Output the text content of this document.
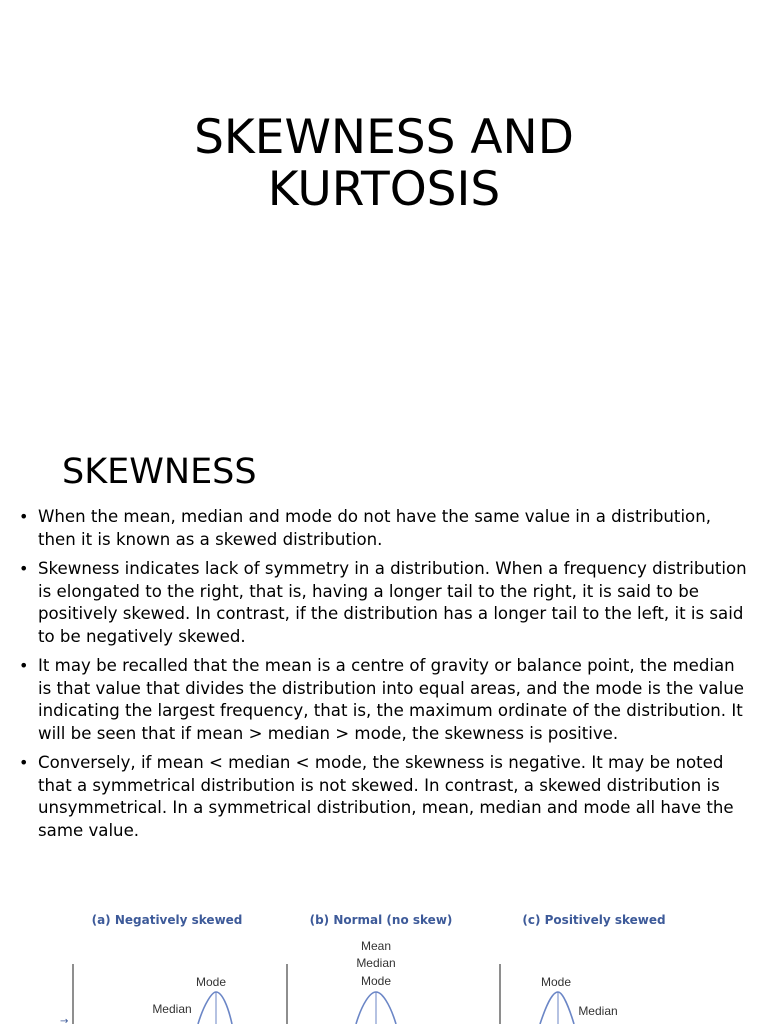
SKEWNESS AND
KURTOSIS
SKEWNESS
• When the mean, median and mode do not have the same value in a distribution, then it is known as a skewed distribution.
• Skewness indicates lack of symmetry in a distribution. When a frequency distribution is elongated to the right, that is, having a longer tail to the right, it is said to be positively skewed. In contrast, if the distribution has a longer tail to the left, it is said to be negatively skewed.
• It may be recalled that the mean is a centre of gravity or balance point, the median is that value that divides the distribution into equal areas, and the mode is the value indicating the largest frequency, that is, the maximum ordinate of the distribution. It will be seen that if mean > median > mode, the skewness is positive.
• Conversely, if mean < median < mode, the skewness is negative. It may be noted that a symmetrical distribution is not skewed. In contrast, a skewed distribution is unsymmetrical. In a symmetrical distribution, mean, median and mode all have the same value.
(a) Negatively skewed	(b) Normal (no skew)	(c) Positively skewed
→
Mode
Median
Mean
Median
Mode	Mode
Median
